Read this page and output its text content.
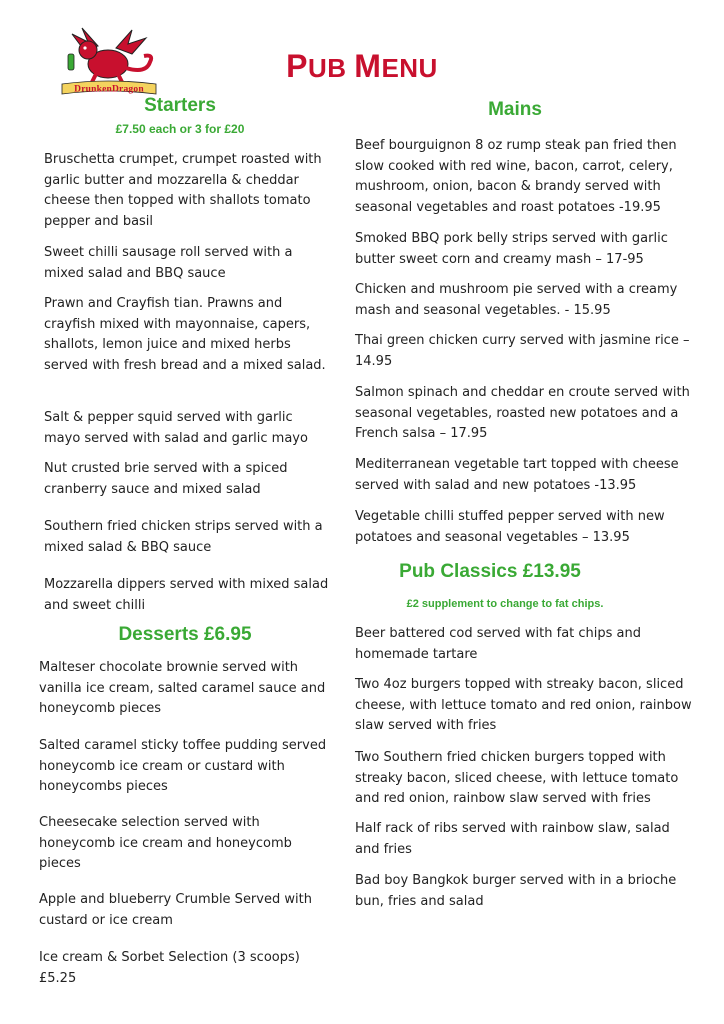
DrunkenDragon
PUB MENU
Starters
£7.50 each or 3 for £20
Bruschetta crumpet, crumpet roasted with garlic butter and mozzarella & cheddar cheese then topped with shallots tomato pepper and basil
Sweet chilli sausage roll served with a mixed salad and BBQ sauce
Prawn and Crayfish tian. Prawns and crayfish mixed with mayonnaise, capers, shallots, lemon juice and mixed herbs served with fresh bread and a mixed salad.
Salt & pepper squid served with garlic mayo served with salad and garlic mayo
Nut crusted brie served with a spiced cranberry sauce and mixed salad
Southern fried chicken strips served with a mixed salad & BBQ sauce
Mozzarella dippers served with mixed salad and sweet chilli
Desserts £6.95
Malteser chocolate brownie served with vanilla ice cream, salted caramel sauce and honeycomb pieces
Salted caramel sticky toffee pudding served honeycomb ice cream or custard with honeycombs pieces
Cheesecake selection served with honeycomb ice cream and honeycomb pieces
Apple and blueberry Crumble Served with custard or ice cream
Ice cream & Sorbet Selection (3 scoops) £5.25
Mains
Beef bourguignon 8 oz rump steak pan fried then slow cooked with red wine, bacon, carrot, celery, mushroom, onion, bacon & brandy served with seasonal vegetables and roast potatoes -19.95
Smoked BBQ pork belly strips served with garlic butter sweet corn and creamy mash – 17-95
Chicken and mushroom pie served with a creamy mash and seasonal vegetables. - 15.95
Thai green chicken curry served with jasmine rice – 14.95
Salmon spinach and cheddar en croute served with seasonal vegetables, roasted new potatoes and a French salsa – 17.95
Mediterranean vegetable tart topped with cheese served with salad and new potatoes -13.95
Vegetable chilli stuffed pepper served with new potatoes and seasonal vegetables – 13.95
Pub Classics £13.95
£2 supplement to change to fat chips.
Beer battered cod served with fat chips and homemade tartare
Two 4oz burgers topped with streaky bacon, sliced cheese, with lettuce tomato and red onion, rainbow slaw served with fries
Two Southern fried chicken burgers topped with streaky bacon, sliced cheese, with lettuce tomato and red onion, rainbow slaw served with fries
Half rack of ribs served with rainbow slaw, salad and fries
Bad boy Bangkok burger served with in a brioche bun, fries and salad
